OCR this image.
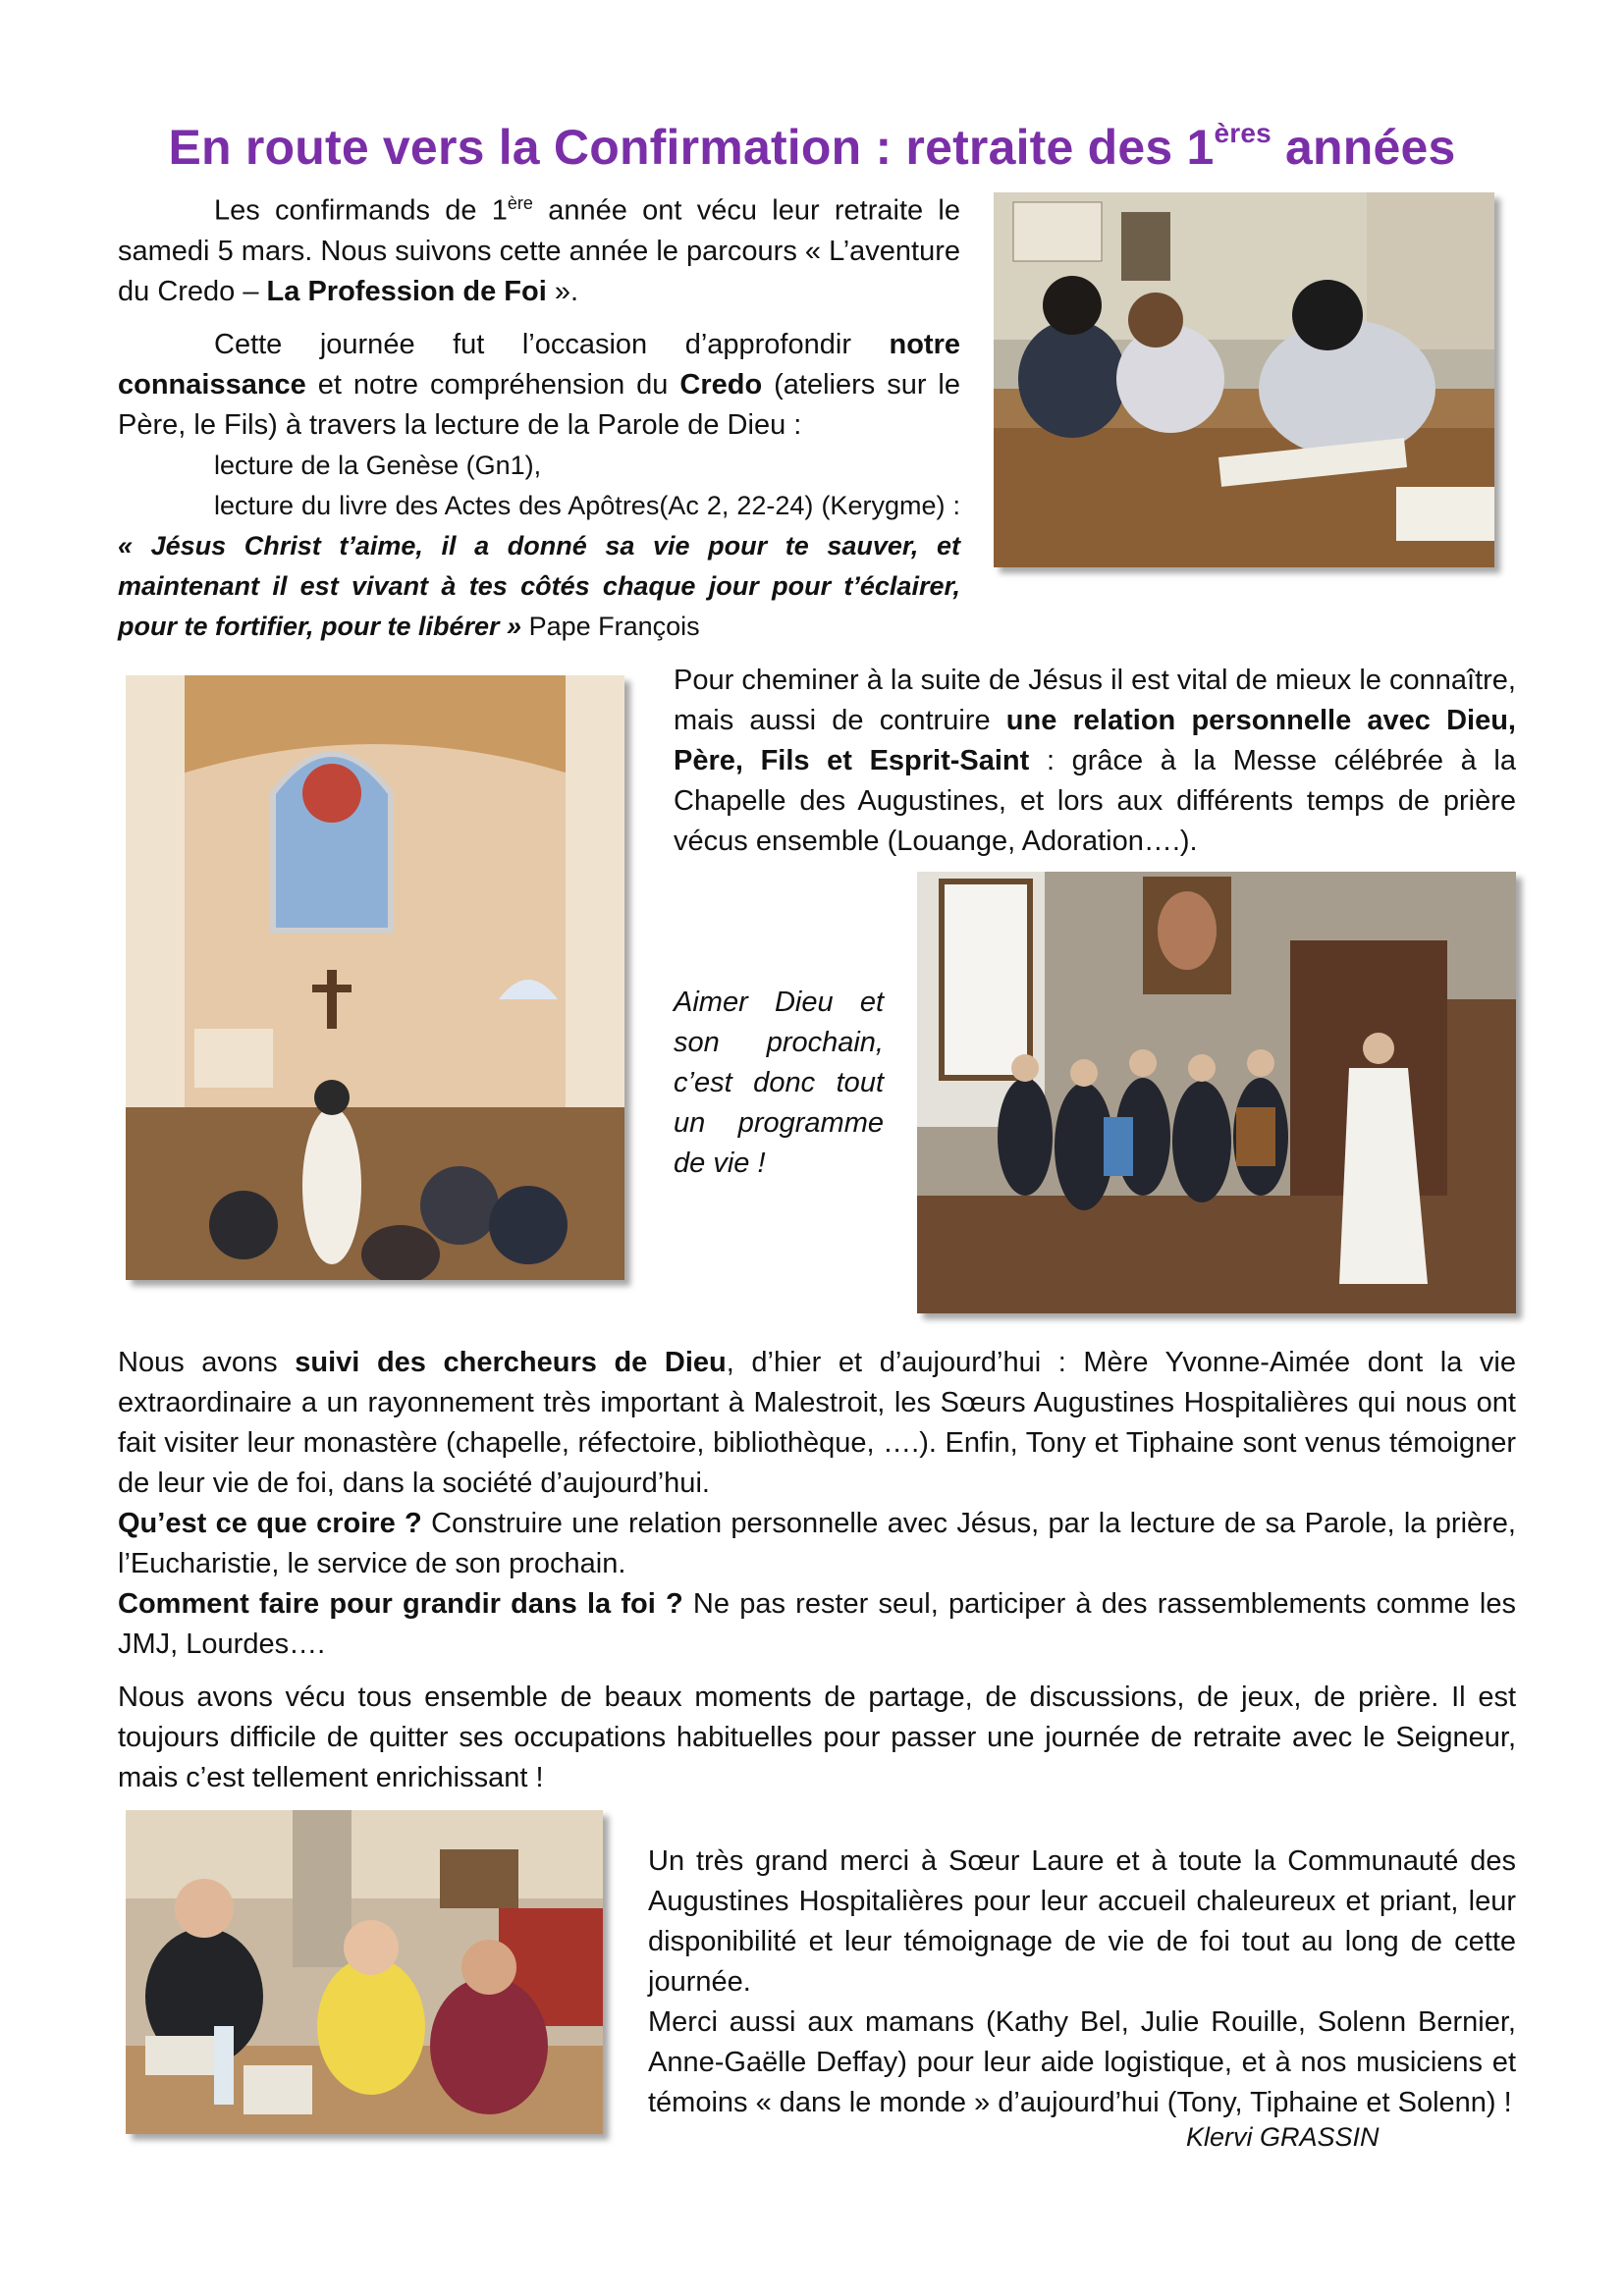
En route vers la Confirmation : retraite des 1ères années

Les confirmands de 1ère année ont vécu leur retraite le samedi 5 mars. Nous suivons cette année le parcours « L’aventure du Credo – La Profession de Foi ».

Cette journée fut l’occasion d’approfondir notre connaissance et notre compréhension du Credo (ateliers sur le Père, le Fils) à travers la lecture de la Parole de Dieu :

lecture de la Genèse (Gn1),

lecture du livre des Actes des Apôtres(Ac 2, 22-24) (Kerygme) : « Jésus Christ t’aime, il a donné sa vie pour te sauver, et maintenant il est vivant à tes côtés chaque jour pour t’éclairer, pour te fortifier, pour te libérer » Pape François

Pour cheminer à la suite de Jésus il est vital de mieux le connaître, mais aussi de contruire une relation personnelle avec Dieu, Père, Fils et Esprit-Saint : grâce à la Messe célébrée à la Chapelle des Augustines, et lors aux différents temps de prière vécus ensemble (Louange, Adoration….).

Aimer Dieu et son prochain, c’est donc tout un programme de vie !

Nous avons suivi des chercheurs de Dieu, d’hier et d’aujourd’hui : Mère Yvonne-Aimée dont la vie extraordinaire a un rayonnement très important à Malestroit, les Sœurs Augustines Hospitalières qui nous ont fait visiter leur monastère (chapelle, réfectoire, bibliothèque, ….). Enfin, Tony et Tiphaine sont venus témoigner de leur vie de foi, dans la société d’aujourd’hui.

Qu’est ce que croire ? Construire une relation personnelle avec Jésus, par la lecture de sa Parole, la prière, l’Eucharistie, le service de son prochain.

Comment faire pour grandir dans la foi ? Ne pas rester seul, participer à des rassemblements comme les JMJ, Lourdes….

Nous avons vécu tous ensemble de beaux moments de partage, de discussions, de jeux, de prière. Il est toujours difficile de quitter ses occupations habituelles pour passer une journée de retraite avec le Seigneur, mais c’est tellement enrichissant !

Un très grand merci à Sœur Laure et à toute la Communauté des Augustines Hospitalières pour leur accueil chaleureux et priant, leur disponibilité et leur témoignage de vie de foi tout au long de cette journée.

Merci aussi aux mamans (Kathy Bel, Julie Rouille, Solenn Bernier, Anne-Gaëlle Deffay) pour leur aide logistique, et à nos musiciens et témoins « dans le monde » d’aujourd’hui (Tony, Tiphaine et Solenn) !

Klervi GRASSIN
